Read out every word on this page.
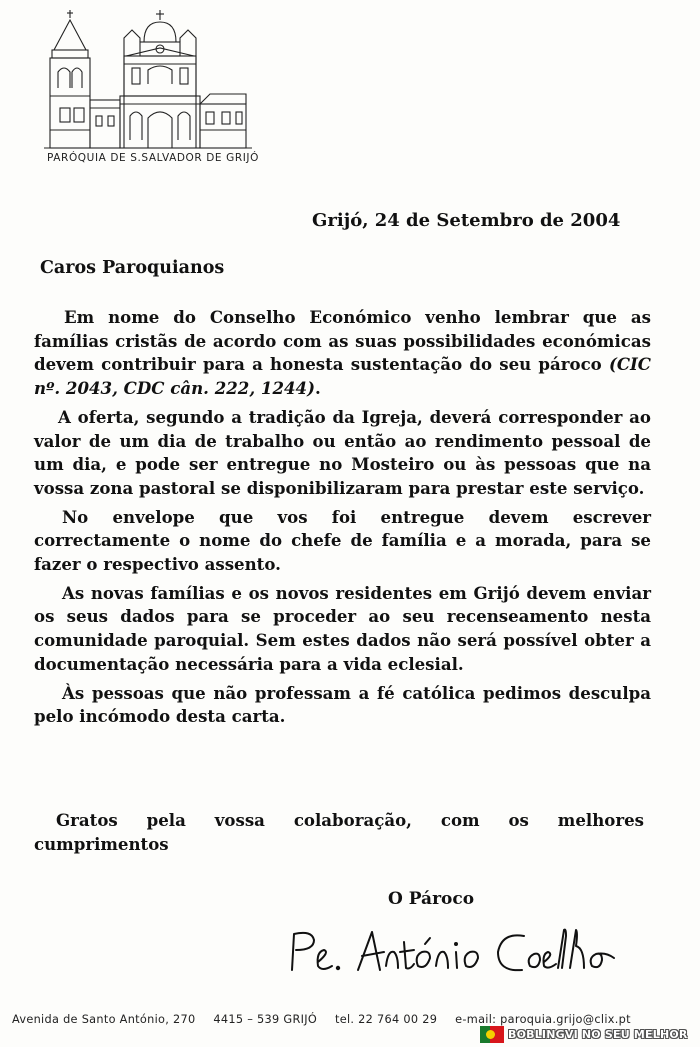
PARÓQUIA DE S.SALVADOR DE GRIJÓ
Grijó, 24 de Setembro de 2004
Caros Paroquianos

Em nome do Conselho Económico venho lembrar que as famílias cristãs de acordo com as suas possibilidades económicas devem contribuir para a honesta sustentação do seu pároco (CIC nº. 2043, CDC cân. 222, 1244).

A oferta, segundo a tradição da Igreja, deverá corresponder ao valor de um dia de trabalho ou então ao rendimento pessoal de um dia, e pode ser entregue no Mosteiro ou às pessoas que na vossa zona pastoral se disponibilizaram para prestar este serviço.

No envelope que vos foi entregue devem escrever correctamente o nome do chefe de família e a morada, para se fazer o respectivo assento.

As novas famílias e os novos residentes em Grijó devem enviar os seus dados para se proceder ao seu recenseamento nesta comunidade paroquial. Sem estes dados não será possível obter a documentação necessária para a vida eclesial.

Às pessoas que não professam a fé católica pedimos desculpa pelo incómodo desta carta.

Gratos pela vossa colaboração, com os melhores cumprimentos
O Pároco
Avenida de Santo António, 270 4415 – 539 GRIJÓ tel. 22 764 00 29 e-mail: paroquia.grijo@clix.pt
BOBLINGVI NO SEU MELHOR
